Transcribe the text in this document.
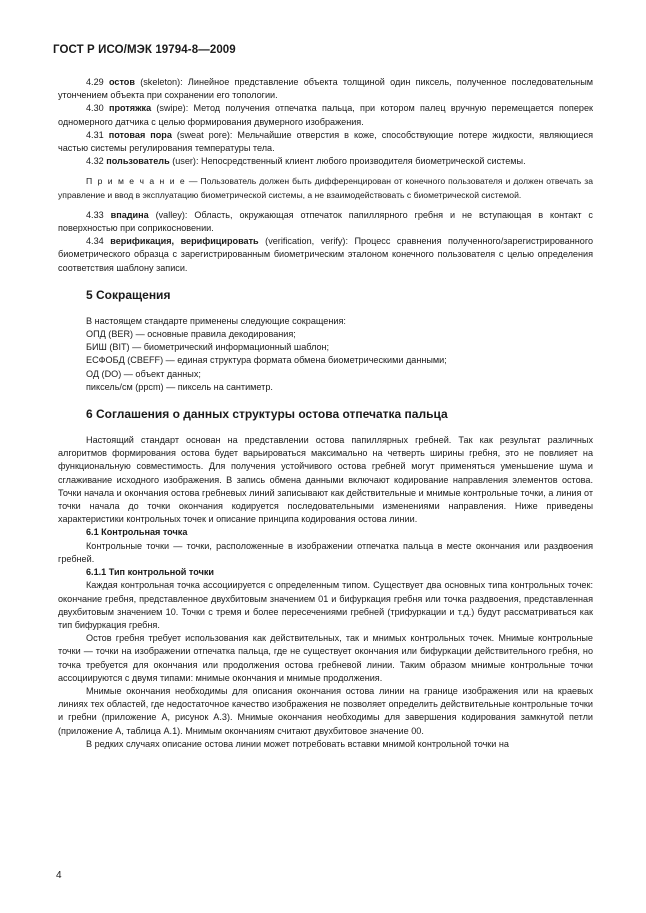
ГОСТ Р ИСО/МЭК 19794-8—2009

4.29 остов (skeleton): Линейное представление объекта толщиной один пиксель, полученное последовательным утончением объекта при сохранении его топологии.

4.30 протяжка (swipe): Метод получения отпечатка пальца, при котором палец вручную перемещается поперек одномерного датчика с целью формирования двумерного изображения.

4.31 потовая пора (sweat pore): Мельчайшие отверстия в коже, способствующие потере жидкости, являющиеся частью системы регулирования температуры тела.

4.32 пользователь (user): Непосредственный клиент любого производителя биометрической системы.

П р и м е ч а н и е — Пользователь должен быть дифференцирован от конечного пользователя и должен отвечать за управление и ввод в эксплуатацию биометрической системы, а не взаимодействовать с биометрической системой.

4.33 впадина (valley): Область, окружающая отпечаток папиллярного гребня и не вступающая в контакт с поверхностью при соприкосновении.

4.34 верификация, верифицировать (verification, verify): Процесс сравнения полученного/зарегистрированного биометрического образца с зарегистрированным биометрическим эталоном конечного пользователя с целью определения соответствия шаблону записи.

5 Сокращения
В настоящем стандарте применены следующие сокращения:
ОПД (BER) — основные правила декодирования;
БИШ (BIT) — биометрический информационный шаблон;
ЕСФОБД (CBEFF) — единая структура формата обмена биометрическими данными;
ОД (DO) — объект данных;
пиксель/см (ppcm) — пиксель на сантиметр.
6 Соглашения о данных структуры остова отпечатка пальца

Настоящий стандарт основан на представлении остова папиллярных гребней. Так как результат различных алгоритмов формирования остова будет варьироваться максимально на четверть ширины гребня, это не повлияет на функциональную совместимость. Для получения устойчивого остова гребней могут применяться уменьшение шума и сглаживание исходного изображения. В запись обмена данными включают кодирование направления элементов остова. Точки начала и окончания остова гребневых линий записывают как действительные и мнимые контрольные точки, а линия от точки начала до точки окончания кодируется последовательными изменениями направления. Ниже приведены характеристики контрольных точек и описание принципа кодирования остова линии.

6.1 Контрольная точка

Контрольные точки — точки, расположенные в изображении отпечатка пальца в месте окончания или раздвоения гребней.

6.1.1 Тип контрольной точки

Каждая контрольная точка ассоциируется с определенным типом. Существует два основных типа контрольных точек: окончание гребня, представленное двухбитовым значением 01 и бифуркация гребня или точка раздвоения, представленная двухбитовым значением 10. Точки с тремя и более пересечениями гребней (трифуркации и т.д.) будут рассматриваться как тип бифуркация гребня.

Остов гребня требует использования как действительных, так и мнимых контрольных точек. Мнимые контрольные точки — точки на изображении отпечатка пальца, где не существует окончания или бифуркации действительного гребня, но точка требуется для окончания или продолжения остова гребневой линии. Таким образом мнимые контрольные точки ассоциируются с двумя типами: мнимые окончания и мнимые продолжения.

Мнимые окончания необходимы для описания окончания остова линии на границе изображения или на краевых линиях тех областей, где недостаточное качество изображения не позволяет определить действительные контрольные точки и гребни (приложение А, рисунок А.3). Мнимые окончания необходимы для завершения кодирования замкнутой петли (приложение А, таблица А.1). Мнимым окончаниям считают двухбитовое значение 00.

В редких случаях описание остова линии может потребовать вставки мнимой контрольной точки на

4
